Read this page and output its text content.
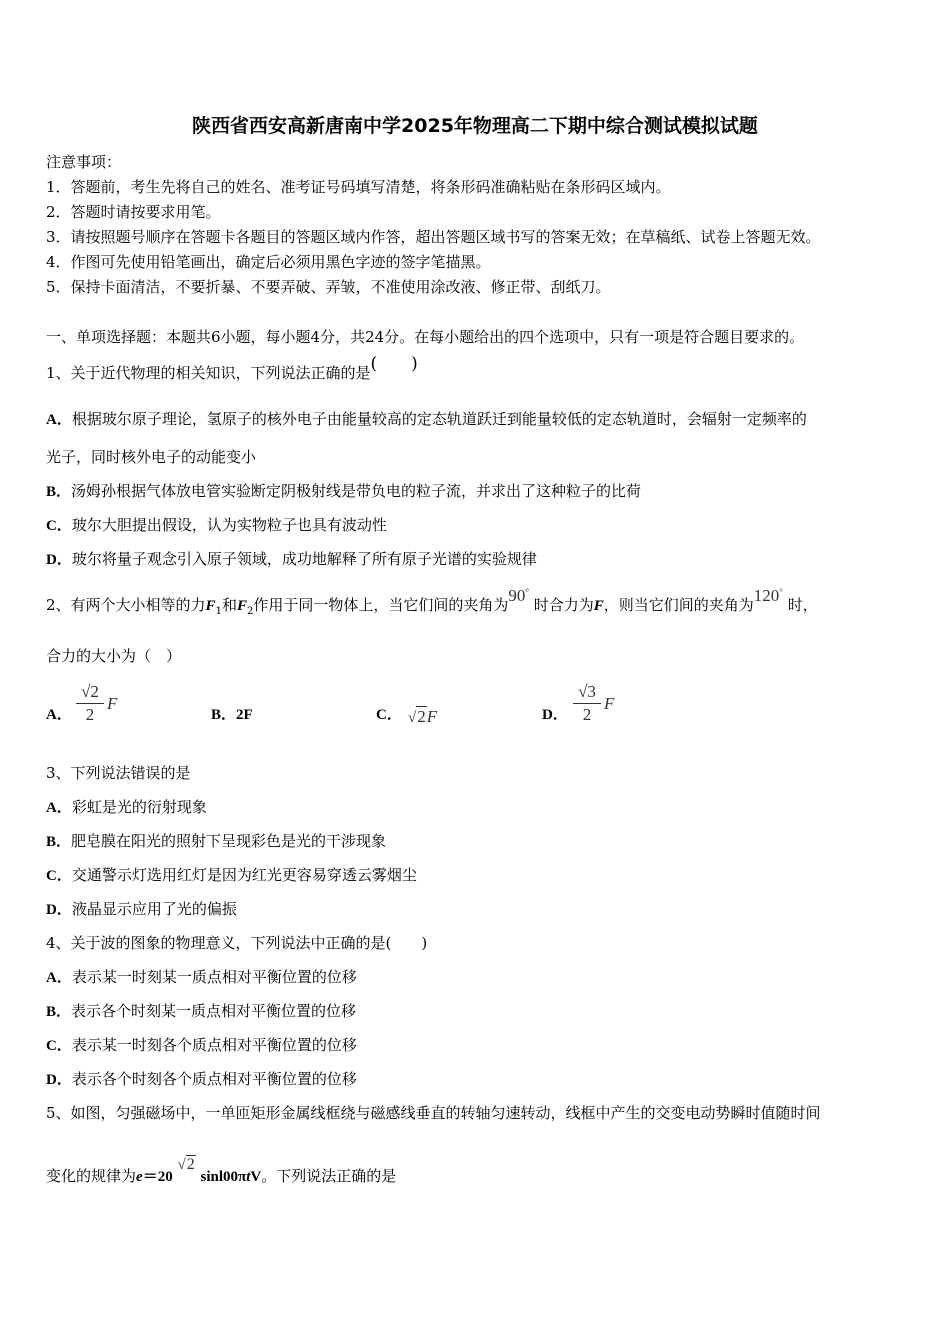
陕西省西安高新唐南中学2025年物理高二下期中综合测试模拟试题
注意事项：
1．答题前，考生先将自己的姓名、准考证号码填写清楚，将条形码准确粘贴在条形码区域内。
2．答题时请按要求用笔。
3．请按照题号顺序在答题卡各题目的答题区域内作答，超出答题区域书写的答案无效；在草稿纸、试卷上答题无效。
4．作图可先使用铅笔画出，确定后必须用黑色字迹的签字笔描黑。
5．保持卡面清洁，不要折暴、不要弄破、弄皱，不准使用涂改液、修正带、刮纸刀。
一、单项选择题：本题共6小题，每小题4分，共24分。在每小题给出的四个选项中，只有一项是符合题目要求的。
1、关于近代物理的相关知识，下列说法正确的是(　　)
A．根据玻尔原子理论，氢原子的核外电子由能量较高的定态轨道跃迁到能量较低的定态轨道时，会辐射一定频率的
光子，同时核外电子的动能变小
B．汤姆孙根据气体放电管实验断定阴极射线是带负电的粒子流，并求出了这种粒子的比荷
C．玻尔大胆提出假设，认为实物粒子也具有波动性
D．玻尔将量子观念引入原子领域，成功地解释了所有原子光谱的实验规律
2、有两个大小相等的力$F_1$和$F_2$作用于同一物体上，当它们间的夹角为90° 时合力为F，则当它们间的夹角为120° 时，
合力的大小为（　）
A．
√2
2
F
B．2F	C． √2F	D．
√3
2
F
3、下列说法错误的是
A．彩虹是光的衍射现象
B．肥皂膜在阳光的照射下呈现彩色是光的干涉现象
C．交通警示灯选用红灯是因为红光更容易穿透云雾烟尘
D．液晶显示应用了光的偏振
4、关于波的图象的物理意义，下列说法中正确的是(　　)
A．表示某一时刻某一质点相对平衡位置的位移
B．表示各个时刻某一质点相对平衡位置的位移
C．表示某一时刻各个质点相对平衡位置的位移
D．表示各个时刻各个质点相对平衡位置的位移
5、如图，匀强磁场中，一单匝矩形金属线框绕与磁感线垂直的转轴匀速转动，线框中产生的交变电动势瞬时值随时间
变化的规律为e＝20 √2 sinl00πtV。下列说法正确的是
